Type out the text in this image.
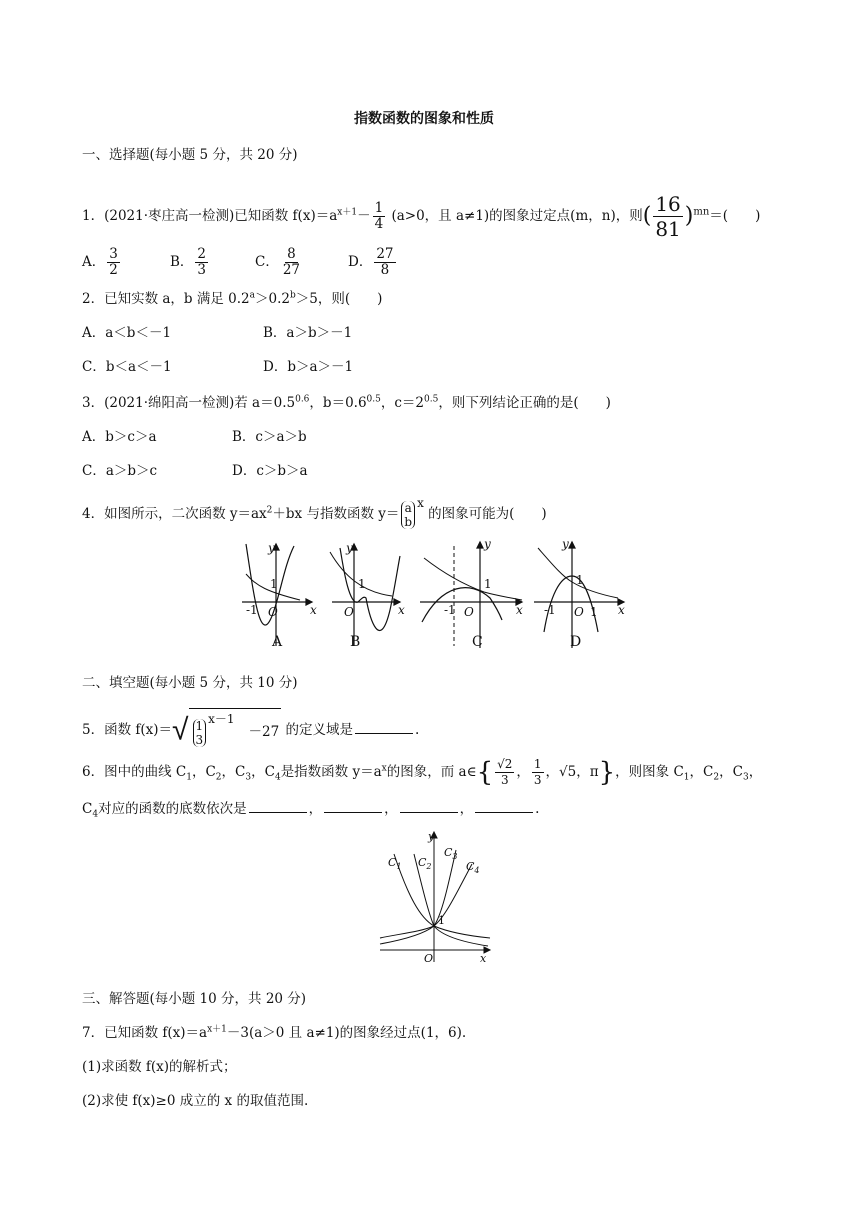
指数函数的图象和性质
一、选择题(每小题 5 分，共 20 分)
1．(2021·枣庄高一检测)已知函数 $f(x)=a^{x+1}- \frac{1}{4} (a>0$，且 a≠1)的图象过定点(m，n)，则( $\frac{16}{81} )^{mn}=$(　　)
A． $\frac{3}{2}$	B． $\frac{2}{3}$	C． $\frac{8}{27}$	D． $\frac{27}{8}$
2．已知实数 a，b 满足 0.2$^a$＞0.2$^b$＞5，则(　　)
A．a＜b＜－1	B．a＞b＞－1
C．b＜a＜－1	D．b＞a＞－1
3．(2021·绵阳高一检测)若 $a=0.5^{0.6}$，$b=0.6^{0.5}$，$c=2^{0.5}$，则下列结论正确的是(　　)
A．b＞c＞a	B．c＞a＞b
C．a＞b＞c	D．c＞b＞a
4．如图所示，二次函数 $y=ax^2+bx$ 与指数函数 y＝ a
b
$^x$ 的图象可能为(　　)
y
x
1
-1 O
y
x
1
O
y
x
1
-1 O
y
x
1
-1 O 1
A	B	C	D
二、填空题(每小题 5 分，共 10 分)
5．函数 f(x)＝√ 1
3
$^{x-1}$－27 的定义域是	.
6．图中的曲线 $C_1$，$C_2$，$C_3$，$C_4$是指数函数 $y=a^x$的图象，而 a∈{ $\frac{√2}{3}$ ， $\frac{1}{3}$ ，√5，π}，则图象 $C_1$，$C_2$，$C_3$，
$C_4$对应的函数的底数依次是	，	，	，	.
y
x
O
$C_1$ $C_2$
$C_3$
$C_4$
1
三、解答题(每小题 10 分，共 20 分)
7．已知函数 $f(x)=a^{x+1}-3(a>0$ 且 a≠1)的图象经过点(1，6).
(1)求函数 f(x)的解析式；
(2)求使 f(x)≥0 成立的 x 的取值范围.
